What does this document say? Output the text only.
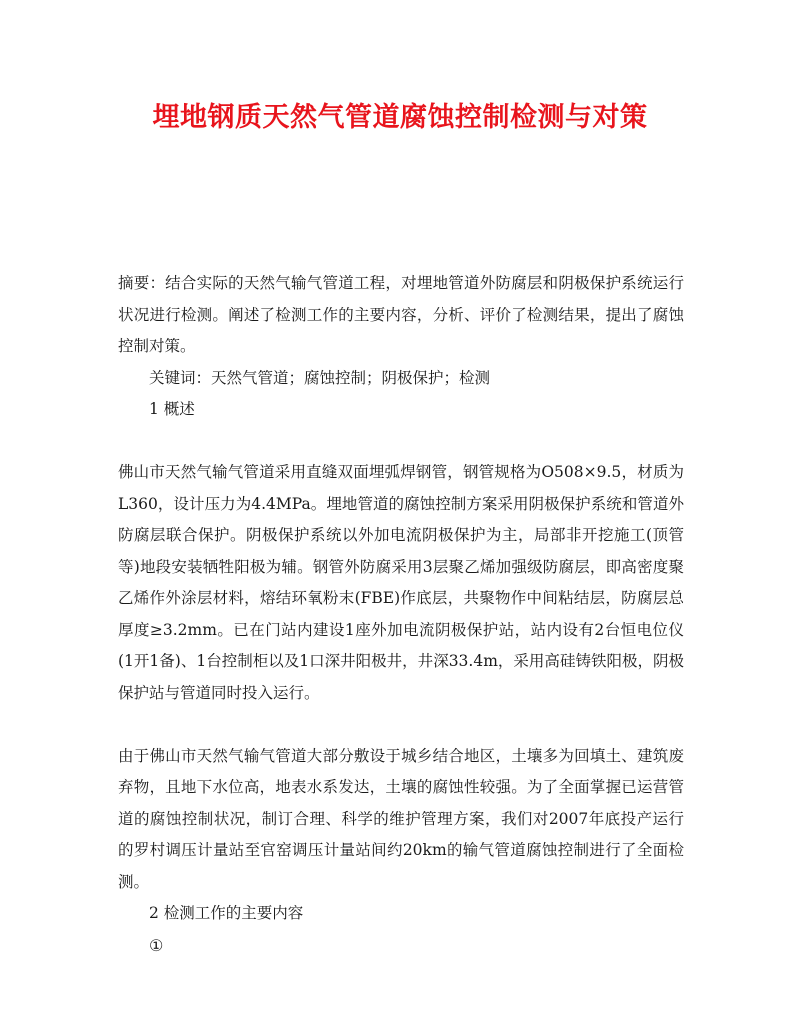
埋地钢质天然气管道腐蚀控制检测与对策

摘要：结合实际的天然气输气管道工程，对埋地管道外防腐层和阴极保护系统运行状况进行检测。阐述了检测工作的主要内容，分析、评价了检测结果，提出了腐蚀控制对策。

关键词：天然气管道；腐蚀控制；阴极保护；检测

1 概述

佛山市天然气输气管道采用直缝双面埋弧焊钢管，钢管规格为O508×9.5，材质为L360，设计压力为4.4MPa。埋地管道的腐蚀控制方案采用阴极保护系统和管道外防腐层联合保护。阴极保护系统以外加电流阴极保护为主，局部非开挖施工(顶管等)地段安装牺牲阳极为辅。钢管外防腐采用3层聚乙烯加强级防腐层，即高密度聚乙烯作外涂层材料，熔结环氧粉末(FBE)作底层，共聚物作中间粘结层，防腐层总厚度≥3.2mm。已在门站内建设1座外加电流阴极保护站，站内设有2台恒电位仪(1开1备)、1台控制柜以及1口深井阳极井，井深33.4m，采用高硅铸铁阳极，阴极保护站与管道同时投入运行。

由于佛山市天然气输气管道大部分敷设于城乡结合地区，土壤多为回填土、建筑废弃物，且地下水位高，地表水系发达，土壤的腐蚀性较强。为了全面掌握已运营管道的腐蚀控制状况，制订合理、科学的维护管理方案，我们对2007年底投产运行的罗村调压计量站至官窑调压计量站间约20km的输气管道腐蚀控制进行了全面检测。

2 检测工作的主要内容

①
